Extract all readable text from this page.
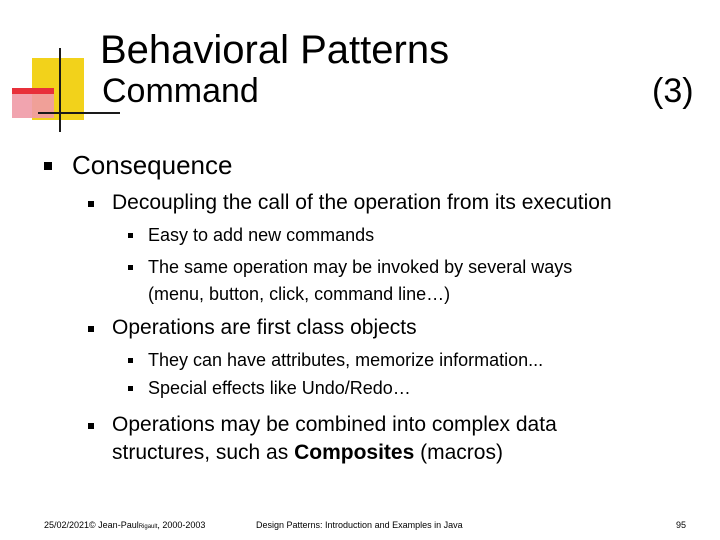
Behavioral Patterns
Command	(3)
Consequence
Decoupling the call of the operation from its execution
Easy to add new commands
The same operation may be invoked by several ways
(menu, button, click, command line…)
Operations are first class objects
They can have attributes, memorize information...
Special effects like Undo/Redo…
Operations may be combined into complex data
structures, such as Composites (macros)
25/02/2021© Jean-PaulRigault, 2000-2003	Design Patterns: Introduction and Examples in Java	95
